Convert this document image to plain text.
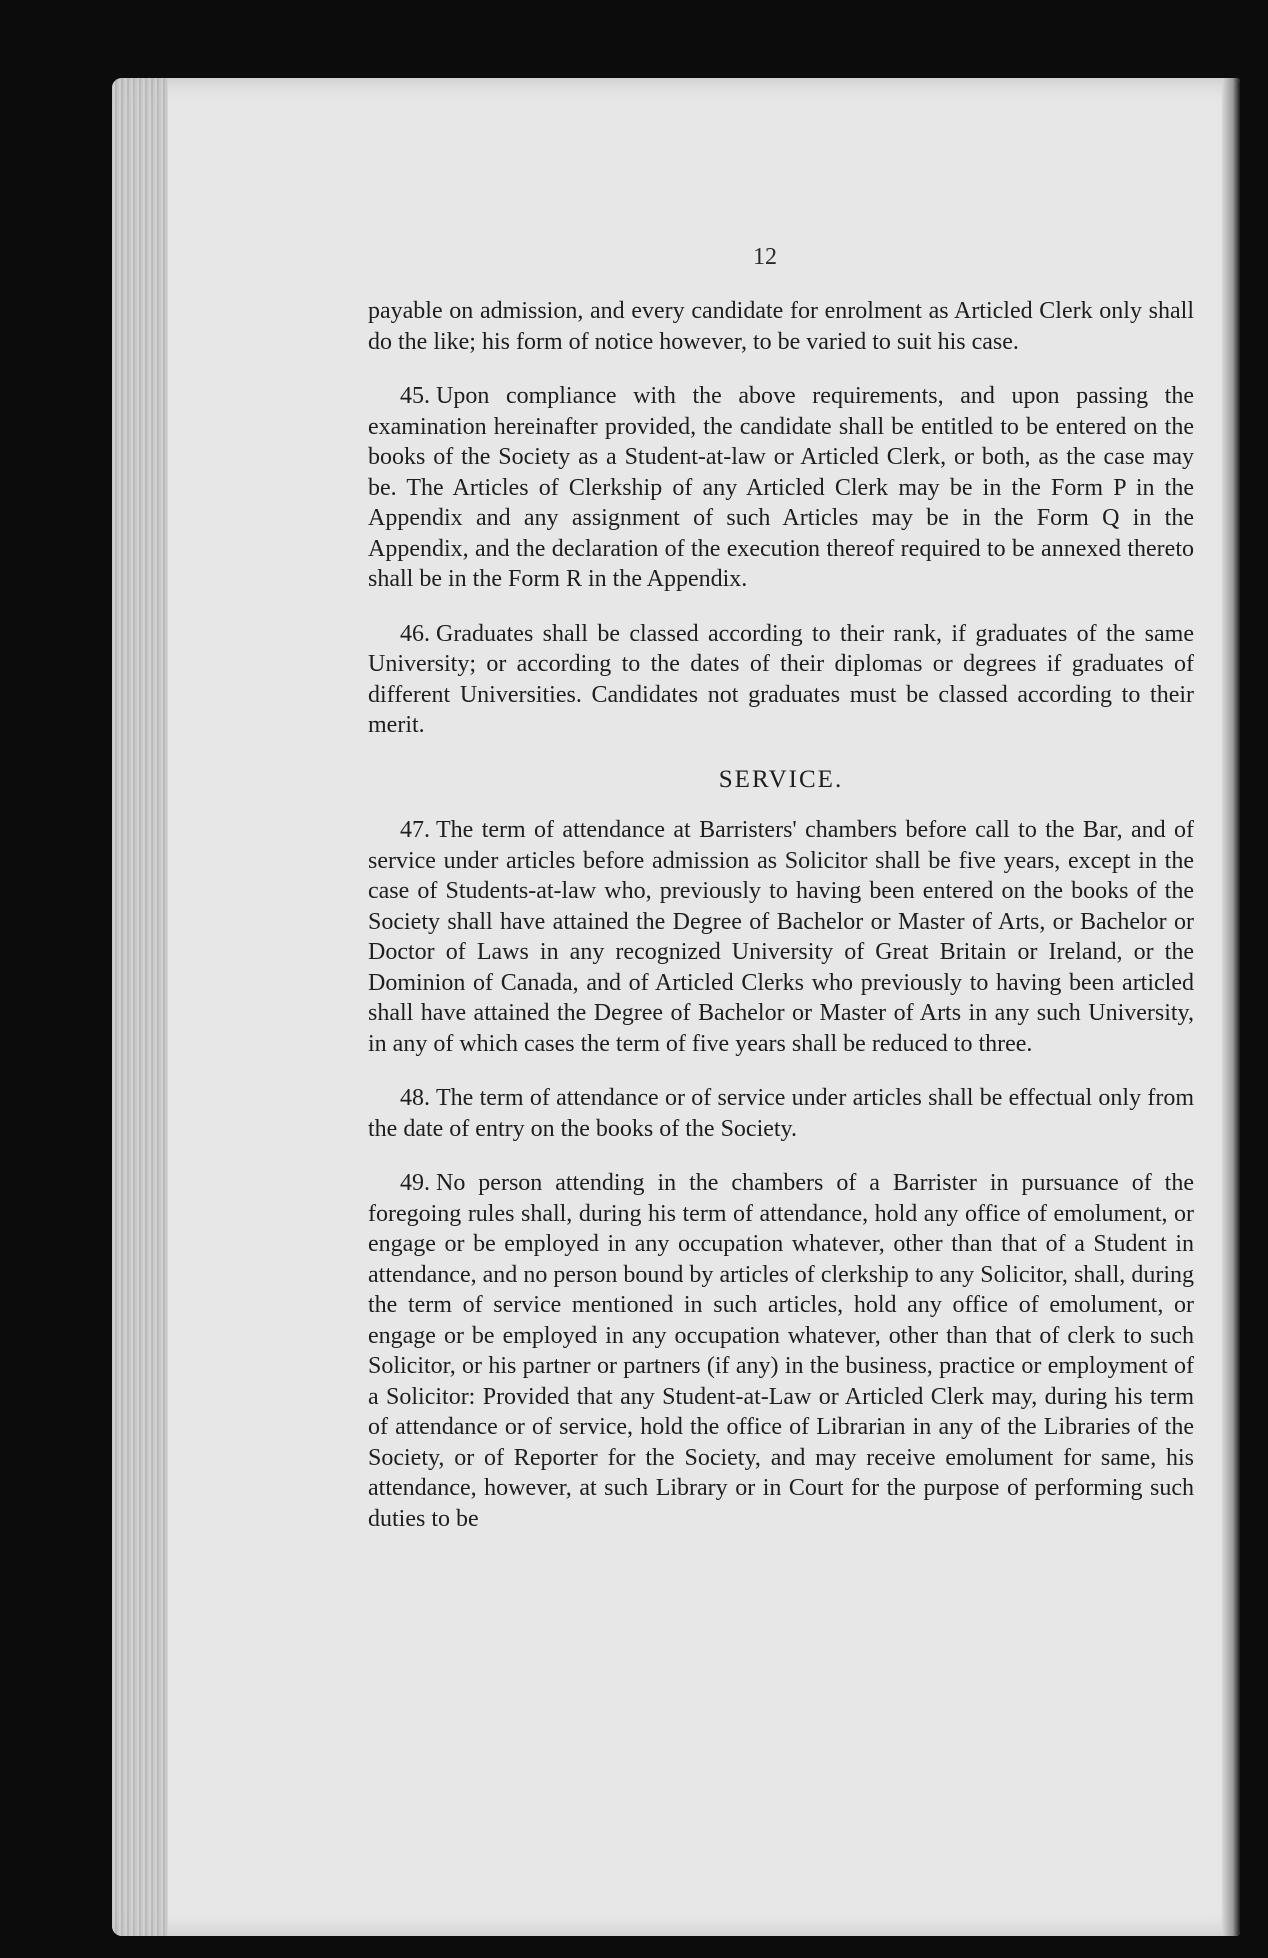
12

payable on admission, and every candidate for enrolment as Articled Clerk only shall do the like; his form of notice however, to be varied to suit his case.

45. Upon compliance with the above requirements, and upon passing the examination hereinafter provided, the candidate shall be entitled to be entered on the books of the Society as a Student-at-law or Articled Clerk, or both, as the case may be. The Articles of Clerkship of any Articled Clerk may be in the Form P in the Appendix and any assignment of such Articles may be in the Form Q in the Appendix, and the declaration of the execution thereof required to be annexed thereto shall be in the Form R in the Appendix.

46. Graduates shall be classed according to their rank, if graduates of the same University; or according to the dates of their diplomas or degrees if graduates of different Universities. Candidates not graduates must be classed according to their merit.

SERVICE.

47. The term of attendance at Barristers' chambers before call to the Bar, and of service under articles before admission as Solicitor shall be five years, except in the case of Students-at-law who, previously to having been entered on the books of the Society shall have attained the Degree of Bachelor or Master of Arts, or Bachelor or Doctor of Laws in any recognized University of Great Britain or Ireland, or the Dominion of Canada, and of Articled Clerks who previously to having been articled shall have attained the Degree of Bachelor or Master of Arts in any such University, in any of which cases the term of five years shall be reduced to three.

48. The term of attendance or of service under articles shall be effectual only from the date of entry on the books of the Society.

49. No person attending in the chambers of a Barrister in pursuance of the foregoing rules shall, during his term of attendance, hold any office of emolument, or engage or be employed in any occupation whatever, other than that of a Student in attendance, and no person bound by articles of clerkship to any Solicitor, shall, during the term of service mentioned in such articles, hold any office of emolument, or engage or be employed in any occupation whatever, other than that of clerk to such Solicitor, or his partner or partners (if any) in the business, practice or employment of a Solicitor: Provided that any Student-at-Law or Articled Clerk may, during his term of attendance or of service, hold the office of Librarian in any of the Libraries of the Society, or of Reporter for the Society, and may receive emolument for same, his attendance, however, at such Library or in Court for the purpose of performing such duties to be
